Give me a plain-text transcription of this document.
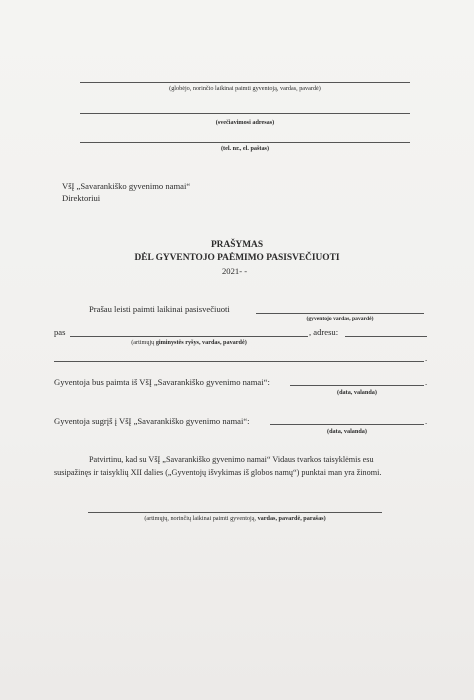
(globėjo, norinčio laikinai paimti gyventoją, vardas, pavardė)
(svečiavimosi adresas)
(tel. nr., el. paštas)
VšĮ „Savarankiško gyvenimo namai“
Direktoriui
PRAŠYMAS
DĖL GYVENTOJO PAĖMIMO PASISVEČIUOTI
2021- -
Prašau leisti paimti laikinai pasisvečiuoti
(gyventojo vardas, pavardė)
pas	, adresu:
(artimųjų giminystės ryšys, vardas, pavardė)
.
Gyventoja bus paimta iš VšĮ „Savarankiško gyvenimo namai“:	.
(data, valanda)
Gyventoja sugrįš į VšĮ „Savarankiško gyvenimo namai“:	.
(data, valanda)
Patvirtinu, kad su VšĮ „Savarankiško gyvenimo namai“ Vidaus tvarkos taisyklėmis esu
susipažinęs ir taisyklių XII dalies („Gyventojų išvykimas iš globos namų“) punktai man yra žinomi.
(artimųjų, norinčių laikinai paimti gyventoją, vardas, pavardė, parašas)
